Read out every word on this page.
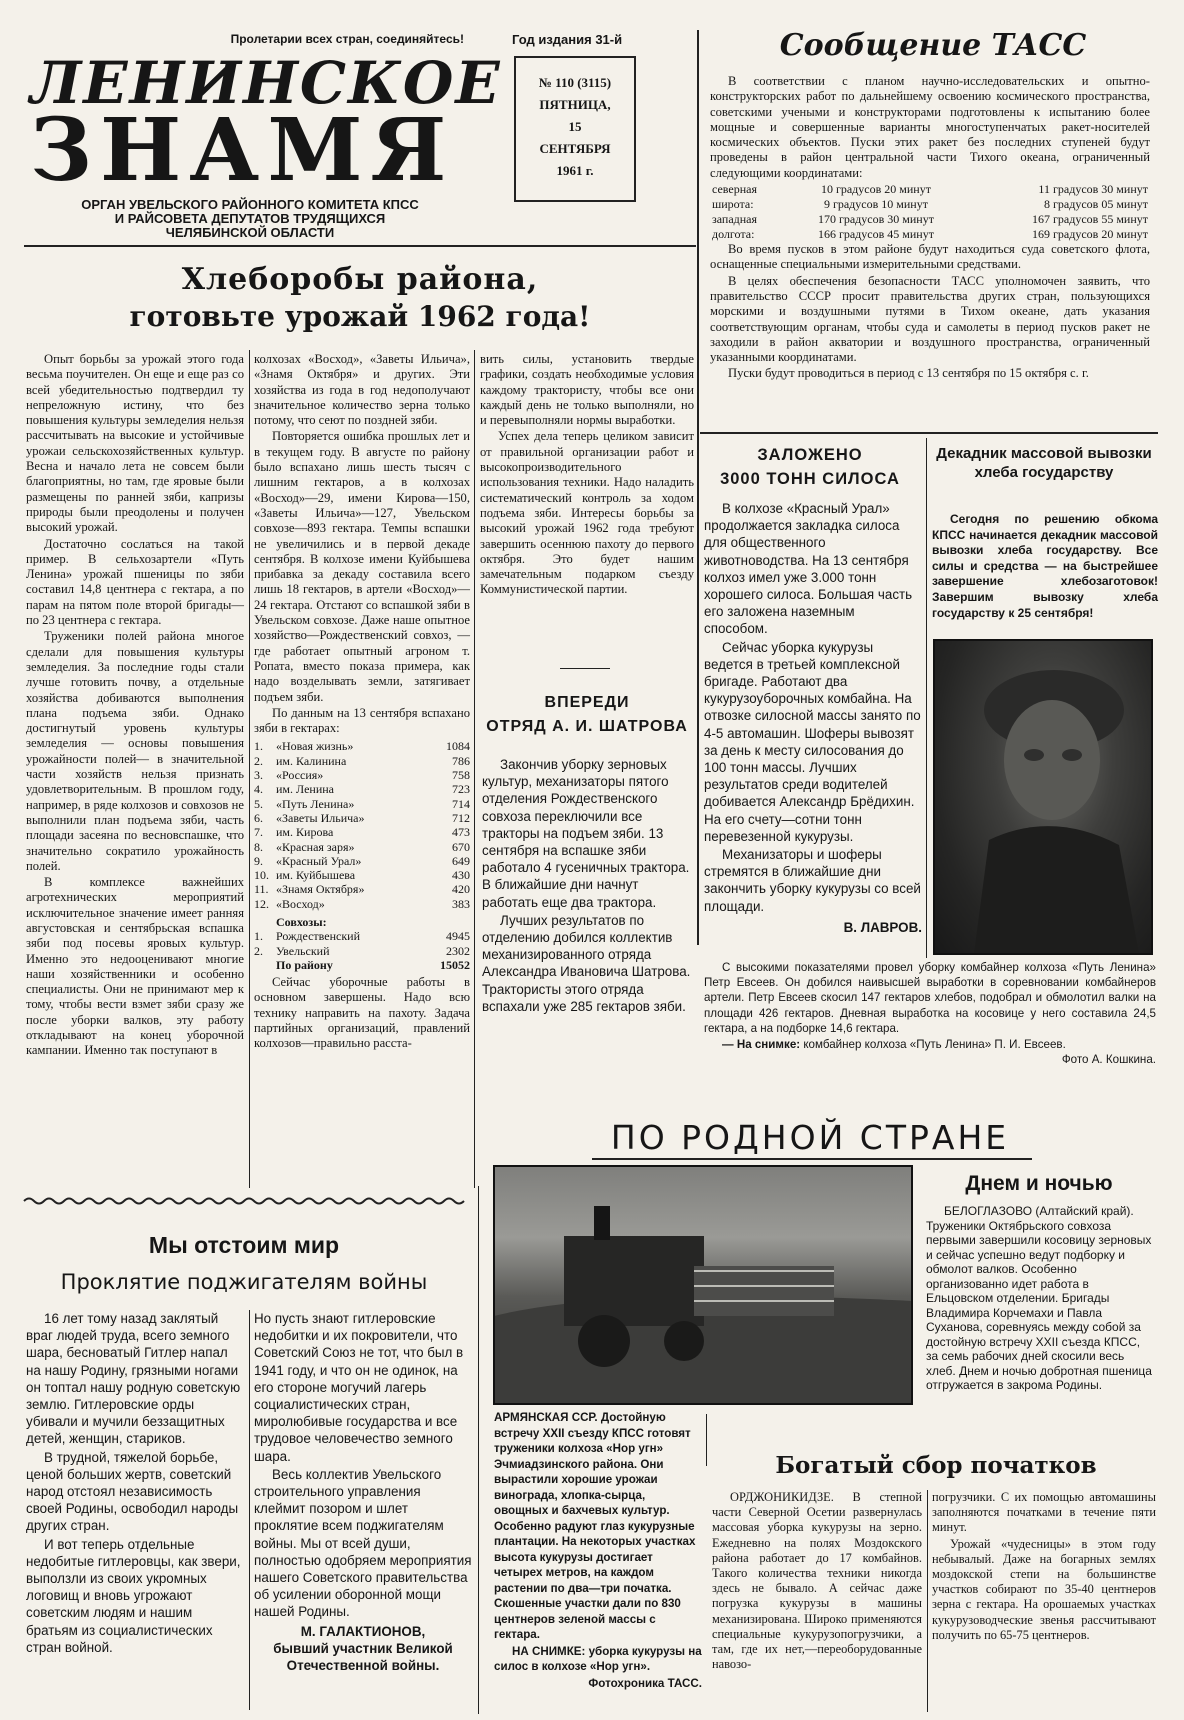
Пролетарии всех стран, соединяйтесь!
ЛЕНИНСКОЕ
ЗНАМЯ
ОРГАН УВЕЛЬСКОГО РАЙОННОГО КОМИТЕТА КПСС
И РАЙСОВЕТА ДЕПУТАТОВ ТРУДЯЩИХСЯ
ЧЕЛЯБИНСКОЙ ОБЛАСТИ
Год издания 31-й
№ 110 (3115)
ПЯТНИЦА,
15
СЕНТЯБРЯ
1961 г.
Сообщение ТАСС

В соответствии с планом научно-исследовательских и опытно-конструкторских работ по дальнейшему освоению космического пространства, советскими учеными и конструкторами подготовлены к испытанию более мощные и совершенные варианты многоступенчатых ракет-носителей космических объектов. Пуски этих ракет без последних ступеней будут проведены в район центральной части Тихого океана, ограниченный следующими координатами:

северная	10 градусов 20 минут	11 градусов 30 минут
широта:	9 градусов 10 минут	8 градусов 05 минут
западная	170 градусов 30 минут	167 градусов 55 минут
долгота:	166 градусов 45 минут	169 градусов 20 минут

Во время пусков в этом районе будут находиться суда советского флота, оснащенные специальными измерительными средствами.

В целях обеспечения безопасности ТАСС уполномочен заявить, что правительство СССР просит правительства других стран, пользующихся морскими и воздушными путями в Тихом океане, дать указания соответствующим органам, чтобы суда и самолеты в период пусков ракет не заходили в район акватории и воздушного пространства, ограниченный указанными координатами.

Пуски будут проводиться в период с 13 сентября по 15 октября с. г.

Хлеборобы района,
готовьте урожай 1962 года!

Опыт борьбы за урожай этого года весьма поучителен. Он еще и еще раз со всей убедительностью подтвердил ту непреложную истину, что без повышения культуры земледелия нельзя рассчитывать на высокие и устойчивые урожаи сельскохозяйственных культур. Весна и начало лета не совсем были благоприятны, но там, где яровые были размещены по ранней зяби, капризы природы были преодолены и получен высокий урожай.

Достаточно сослаться на такой пример. В сельхозартели «Путь Ленина» урожай пшеницы по зяби составил 14,8 центнера с гектара, а по парам на пятом поле второй бригады—по 23 центнера с гектара.

Труженики полей района многое сделали для повышения культуры земледелия. За последние годы стали лучше готовить почву, а отдельные хозяйства добиваются выполнения плана подъема зяби. Однако достигнутый уровень культуры земледелия — основы повышения урожайности полей— в значительной части хозяйств нельзя признать удовлетворительным. В прошлом году, например, в ряде колхозов и совхозов не выполнили план подъема зяби, часть площади засеяна по весновспашке, что значительно сократило урожайность полей.

В комплексе важнейших агротехнических мероприятий исключительное значение имеет ранняя августовская и сентябрьская вспашка зяби под посевы яровых культур. Именно это недооценивают многие наши хозяйственники и особенно специалисты. Они не принимают мер к тому, чтобы вести взмет зяби сразу же после уборки валков, эту работу откладывают на конец уборочной кампании. Именно так поступают в

колхозах «Восход», «Заветы Ильича», «Знамя Октября» и других. Эти хозяйства из года в год недополучают значительное количество зерна только потому, что сеют по поздней зяби.

Повторяется ошибка прошлых лет и в текущем году. В августе по району было вспахано лишь шесть тысяч с лишним гектаров, а в колхозах «Восход»—29, имени Кирова—150, «Заветы Ильича»—127, Увельском совхозе—893 гектара. Темпы вспашки не увеличились и в первой декаде сентября. В колхозе имени Куйбышева прибавка за декаду составила всего лишь 18 гектаров, в артели «Восход»—24 гектара. Отстают со вспашкой зяби в Увельском совхозе. Даже наше опытное хозяйство—Рождественский совхоз, — где работает опытный агроном т. Ропата, вместо показа примера, как надо возделывать земли, затягивает подъем зяби.

По данным на 13 сентября вспахано зяби в гектарах:

1.	«Новая жизнь»	1084
2.	им. Калинина	786
3.	«Россия»	758
4.	им. Ленина	723
5.	«Путь Ленина»	714
6.	«Заветы Ильича»	712
7.	им. Кирова	473
8.	«Красная заря»	670
9.	«Красный Урал»	649
10.	им. Куйбышева	430
11.	«Знамя Октября»	420
12.	«Восход»	383
	Совхозы:	
1.	Рождественский	4945
2.	Увельский	2302
	По району	15052

Сейчас уборочные работы в основном завершены. Надо всю технику направить на пахоту. Задача партийных организаций, правлений колхозов—правильно расста-

вить силы, установить твердые графики, создать необходимые условия каждому трактористу, чтобы все они каждый день не только выполняли, но и перевыполняли нормы выработки.

Успех дела теперь целиком зависит от правильной организации работ и высокопроизводительного использования техники. Надо наладить систематический контроль за ходом подъема зяби. Интересы борьбы за высокий урожай 1962 года требуют завершить осеннюю пахоту до первого октября. Это будет нашим замечательным подарком съезду Коммунистической партии.

ВПЕРЕДИ
ОТРЯД А. И. ШАТРОВА

Закончив уборку зерновых культур, механизаторы пятого отделения Рождественского совхоза переключили все тракторы на подъем зяби. 13 сентября на вспашке зяби работало 4 гусеничных трактора. В ближайшие дни начнут работать еще два трактора.

Лучших результатов по отделению добился коллектив механизированного отряда Александра Ивановича Шатрова. Трактористы этого отряда вспахали уже 285 гектаров зяби.

ЗАЛОЖЕНО
3000 ТОНН СИЛОСА

В колхозе «Красный Урал» продолжается закладка силоса для общественного животноводства. На 13 сентября колхоз имел уже 3.000 тонн хорошего силоса. Большая часть его заложена наземным способом.

Сейчас уборка кукурузы ведется в третьей комплексной бригаде. Работают два кукурузоуборочных комбайна. На отвозке силосной массы занято по 4-5 автомашин. Шоферы вывозят за день к месту силосования до 100 тонн массы. Лучших результатов среди водителей добивается Александр Брёдихин. На его счету—сотни тонн перевезенной кукурузы.

Механизаторы и шоферы стремятся в ближайшие дни закончить уборку кукурузы со всей площади.

В. ЛАВРОВ.
Декадник массовой вывозки хлеба государству

Сегодня по решению обкома КПСС начинается декадник массовой вывозки хлеба государству. Все силы и средства — на быстрейшее завершение хлебозаготовок! Завершим вывозку хлеба государству к 25 сентября!

С высокими показателями провел уборку комбайнер колхоза «Путь Ленина» Петр Евсеев. Он добился наивысшей выработки в соревновании комбайнеров артели. Петр Евсеев скосил 147 гектаров хлебов, подобрал и обмолотил валки на площади 426 гектаров. Дневная выработка на косовице у него составила 24,5 гектара, а на подборке 14,6 гектара.

— На снимке: комбайнер колхоза «Путь Ленина» П. И. Евсеев.
Фото А. Кошкина.
ПО РОДНОЙ СТРАНЕ

АРМЯНСКАЯ ССР. Достойную встречу XXII съезду КПСС готовят труженики колхоза «Нор угн» Эчмиадзинского района. Они вырастили хорошие урожаи винограда, хлопка-сырца, овощных и бахчевых культур. Особенно радуют глаз кукурузные плантации. На некоторых участках высота кукурузы достигает четырех метров, на каждом растении по два—три початка. Скошенные участки дали по 830 центнеров зеленой массы с гектара.

НА СНИМКЕ: уборка кукурузы на силос в колхозе «Нор угн».

Фотохроника ТАСС.
Днем и ночью

БЕЛОГЛАЗОВО (Алтайский край). Труженики Октябрьского совхоза первыми завершили косовицу зерновых и сейчас успешно ведут подборку и обмолот валков. Особенно организованно идет работа в Ельцовском отделении. Бригады Владимира Корчемахи и Павла Суханова, соревнуясь между собой за достойную встречу XXII съезда КПСС, за семь рабочих дней скосили весь хлеб. Днем и ночью добротная пшеница отгружается в закрома Родины.

Богатый сбор початков

ОРДЖОНИКИДЗЕ. В степной части Северной Осетии развернулась массовая уборка кукурузы на зерно. Ежедневно на полях Моздокского района работает до 17 комбайнов. Такого количества техники никогда здесь не бывало. А сейчас даже погрузка кукурузы в машины механизирована. Широко применяются специальные кукурузопогрузчики, а там, где их нет,—переоборудованные навозо-

погрузчики. С их помощью автомашины заполняются початками в течение пяти минут.

Урожай «чудесницы» в этом году небывалый. Даже на богарных землях моздокской степи на большинстве участков собирают по 35-40 центнеров зерна с гектара. На орошаемых участках кукурузоводческие звенья рассчитывают получить по 65-75 центнеров.

Мы отстоим мир
Проклятие поджигателям войны

16 лет тому назад заклятый враг людей труда, всего земного шара, бесноватый Гитлер напал на нашу Родину, грязными ногами он топтал нашу родную советскую землю. Гитлеровские орды убивали и мучили беззащитных детей, женщин, стариков.

В трудной, тяжелой борьбе, ценой больших жертв, советский народ отстоял независимость своей Родины, освободил народы других стран.

И вот теперь отдельные недобитые гитлеровцы, как звери, выползли из своих укромных логовищ и вновь угрожают советским людям и нашим братьям из социалистических стран войной.

Но пусть знают гитлеровские недобитки и их покровители, что Советский Союз не тот, что был в 1941 году, и что он не одинок, на его стороне могучий лагерь социалистических стран, миролюбивые государства и все трудовое человечество земного шара.

Весь коллектив Увельского строительного управления клеймит позором и шлет проклятие всем поджигателям войны. Мы от всей души, полностью одобряем мероприятия нашего Советского правительства об усилении оборонной мощи нашей Родины.

М. ГАЛАКТИОНОВ,
бывший участник Великой Отечественной войны.
